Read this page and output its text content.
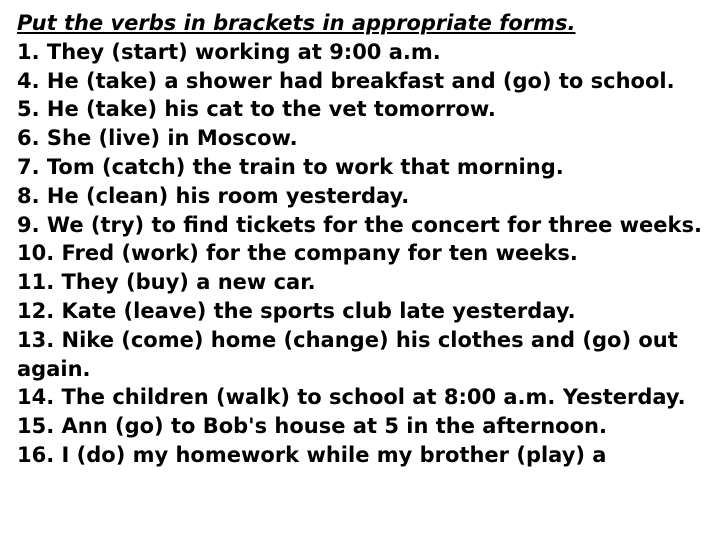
Put the verbs in brackets in appropriate forms.
1. They (start) working at 9:00 a.m.
4. He (take) a shower had breakfast and (go) to school.
5. He (take) his cat to the vet tomorrow.
6. She (live) in Moscow.
7. Tom (catch) the train to work that morning.
8. He (clean) his room yesterday.
9. We (try) to find tickets for the concert for three weeks.
10. Fred (work) for the company for ten weeks.
11. They (buy) a new car.
12. Kate (leave) the sports club late yesterday.
13. Nike (come) home (change) his clothes and (go) out again.
14. The children (walk) to school at 8:00 a.m. Yesterday.
15. Ann (go) to Bob's house at 5 in the afternoon.
16. I (do) my homework while my brother (play) a
